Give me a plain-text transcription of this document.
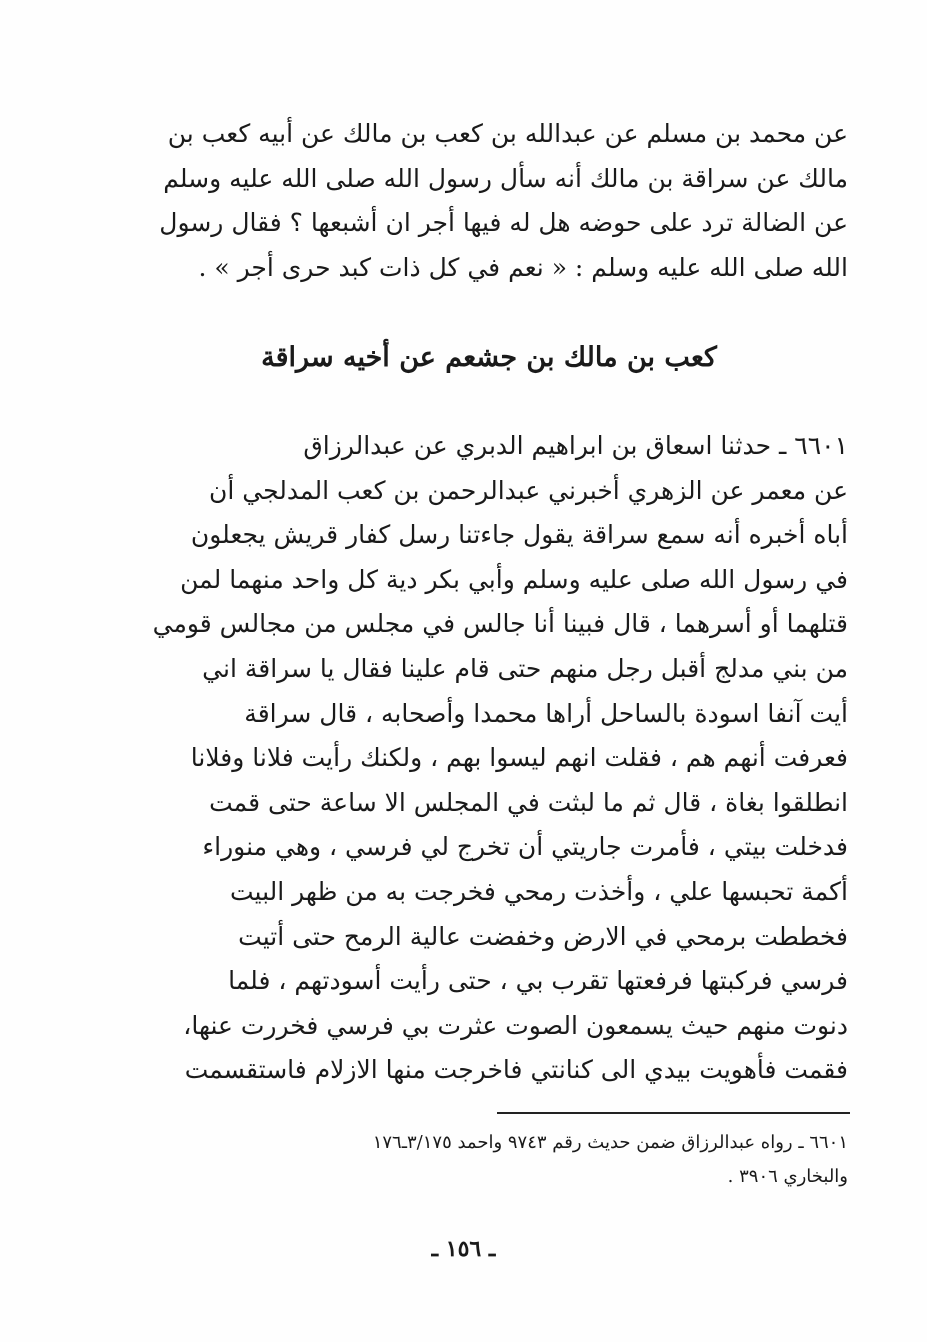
عن محمد بن مسلم عن عبدالله بن كعب بن مالك عن أبيه كعب بن
مالك عن سراقة بن مالك أنه سأل رسول الله صلى الله عليه وسلم
عن الضالة ترد على حوضه هل له فيها أجر ان أشبعها ؟ فقال رسول
الله صلى الله عليه وسلم : « نعم في كل ذات كبد حرى أجر » .
كعب بن مالك بن جشعم عن أخيه سراقة
٦٦٠١ ـ حدثنا اسعاق بن ابراهيم الدبري عن عبدالرزاق
عن معمر عن الزهري أخبرني عبدالرحمن بن كعب المدلجي أن
أباه أخبره أنه سمع سراقة يقول جاءتنا رسل كفار قريش يجعلون
في رسول الله صلى عليه وسلم وأبي بكر دية كل واحد منهما لمن
قتلهما أو أسرهما ، قال فبينا أنا جالس في مجلس من مجالس قومي
من بني مدلج أقبل رجل منهم حتى قام علينا فقال يا سراقة اني
أيت آنفا اسودة بالساحل أراها محمدا وأصحابه ، قال سراقة
فعرفت أنهم هم ، فقلت انهم ليسوا بهم ، ولكنك رأيت فلانا وفلانا
انطلقوا بغاة ، قال ثم ما لبثت في المجلس الا ساعة حتى قمت
فدخلت بيتي ، فأمرت جاريتي أن تخرج لي فرسي ، وهي منوراء
أكمة تحبسها علي ، وأخذت رمحي فخرجت به من ظهر البيت
فخططت برمحي في الارض وخفضت عالية الرمح حتى أتيت
فرسي فركبتها فرفعتها تقرب بي ، حتى رأيت أسودتهم ، فلما
دنوت منهم حيث يسمعون الصوت عثرت بي فرسي فخررت عنها،
فقمت فأهويت بيدي الى كنانتي فاخرجت منها الازلام فاستقسمت
٦٦٠١ ـ رواه عبدالرزاق ضمن حديث رقم ٩٧٤٣ واحمد ٣/١٧٥ـ١٧٦
والبخاري ٣٩٠٦ .
ـ ١٥٦ ـ
